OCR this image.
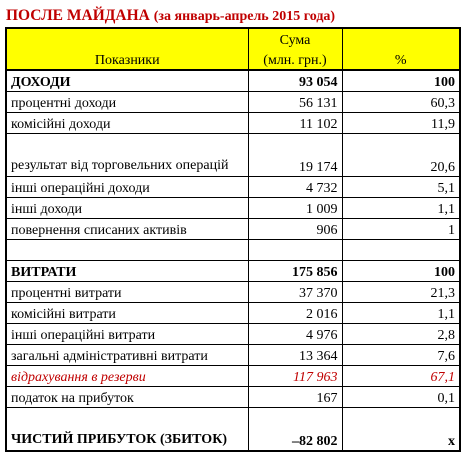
ПОСЛЕ МАЙДАНА (за январь-апрель 2015 года)
	Сума	
Показники	(млн. грн.)	%
ДОХОДИ	93 054	100
процентні доходи	56 131	60,3
комісійні доходи	11 102	11,9
результат від торговельних операцій	19 174	20,6
інші операційні доходи	4 732	5,1
інші доходи	1 009	1,1
повернення списаних активів	906	1

ВИТРАТИ	175 856	100
процентні витрати	37 370	21,3
комісійні витрати	2 016	1,1
інші операційні витрати	4 976	2,8
загальні адміністративні витрати	13 364	7,6
відрахування в резерви	117 963	67,1
податок на прибуток	167	0,1
ЧИСТИЙ ПРИБУТОК (ЗБИТОК)	–82 802	x
